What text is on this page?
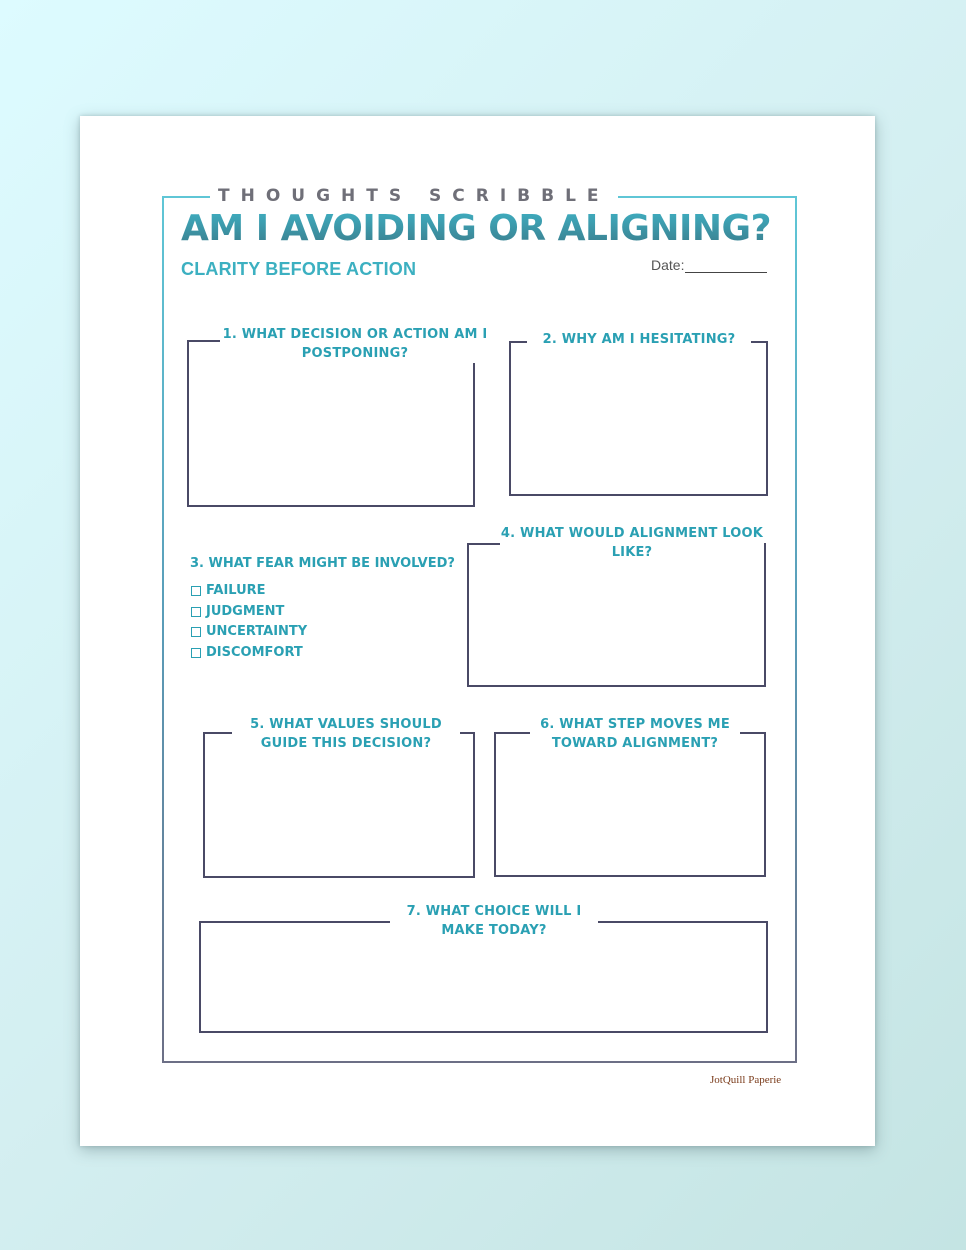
THOUGHTS SCRIBBLE
AM I AVOIDING OR ALIGNING?
CLARITY BEFORE ACTION	Date:
1. WHAT DECISION OR ACTION AM I POSTPONING?
2. WHY AM I HESITATING?
3. WHAT FEAR MIGHT BE INVOLVED?
FAILURE
JUDGMENT
UNCERTAINTY
DISCOMFORT
4. WHAT WOULD ALIGNMENT LOOK LIKE?
5. WHAT VALUES SHOULD GUIDE THIS DECISION?
6. WHAT STEP MOVES ME TOWARD ALIGNMENT?
7. WHAT CHOICE WILL I MAKE TODAY?
JotQuill Paperie
